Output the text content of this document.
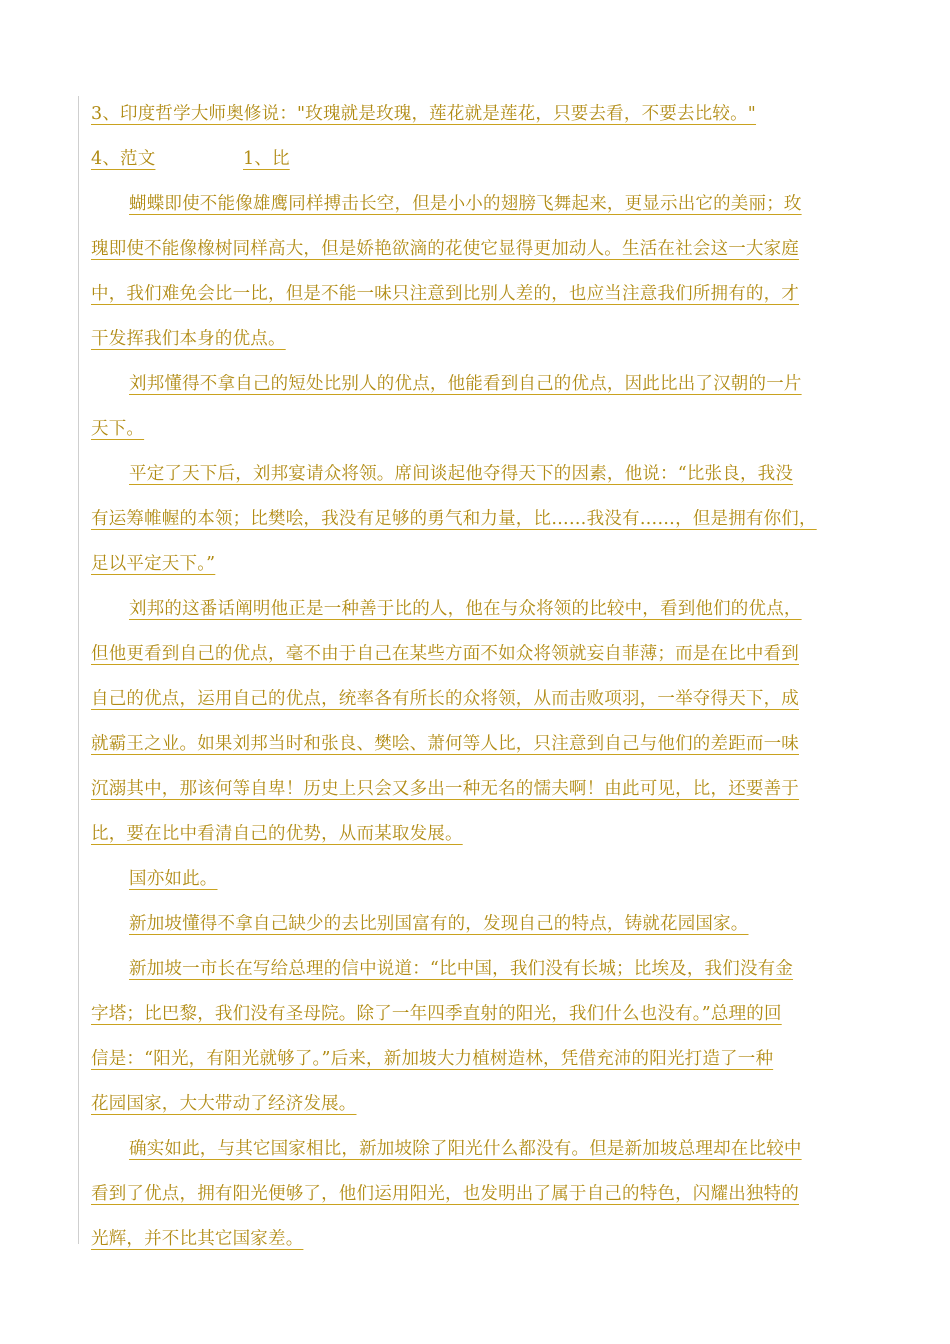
3、印度哲学大师奥修说："玫瑰就是玫瑰，莲花就是莲花，只要去看，不要去比较。"
4、范文	1、比
蝴蝶即使不能像雄鹰同样搏击长空，但是小小的翅膀飞舞起来，更显示出它的美丽；玫
瑰即使不能像橡树同样高大，但是娇艳欲滴的花使它显得更加动人。生活在社会这一大家庭
中，我们难免会比一比，但是不能一味只注意到比别人差的，也应当注意我们所拥有的，才
干发挥我们本身的优点。
刘邦懂得不拿自己的短处比别人的优点，他能看到自己的优点，因此比出了汉朝的一片
天下。
平定了天下后，刘邦宴请众将领。席间谈起他夺得天下的因素，他说：“比张良，我没
有运筹帷幄的本领；比樊哙，我没有足够的勇气和力量，比……我没有……，但是拥有你们，
足以平定天下。”
刘邦的这番话阐明他正是一种善于比的人，他在与众将领的比较中，看到他们的优点，
但他更看到自己的优点，毫不由于自己在某些方面不如众将领就妄自菲薄；而是在比中看到
自己的优点，运用自己的优点，统率各有所长的众将领，从而击败项羽，一举夺得天下，成
就霸王之业。如果刘邦当时和张良、樊哙、萧何等人比，只注意到自己与他们的差距而一味
沉溺其中，那该何等自卑！历史上只会又多出一种无名的懦夫啊！由此可见，比，还要善于
比，要在比中看清自己的优势，从而某取发展。
国亦如此。
新加坡懂得不拿自己缺少的去比别国富有的，发现自己的特点，铸就花园国家。
新加坡一市长在写给总理的信中说道：“比中国，我们没有长城；比埃及，我们没有金
字塔；比巴黎，我们没有圣母院。除了一年四季直射的阳光，我们什么也没有。”总理的回
信是：“阳光，有阳光就够了。”后来，新加坡大力植树造林，凭借充沛的阳光打造了一种
花园国家，大大带动了经济发展。
确实如此，与其它国家相比，新加坡除了阳光什么都没有。但是新加坡总理却在比较中
看到了优点，拥有阳光便够了，他们运用阳光，也发明出了属于自己的特色，闪耀出独特的
光辉，并不比其它国家差。
